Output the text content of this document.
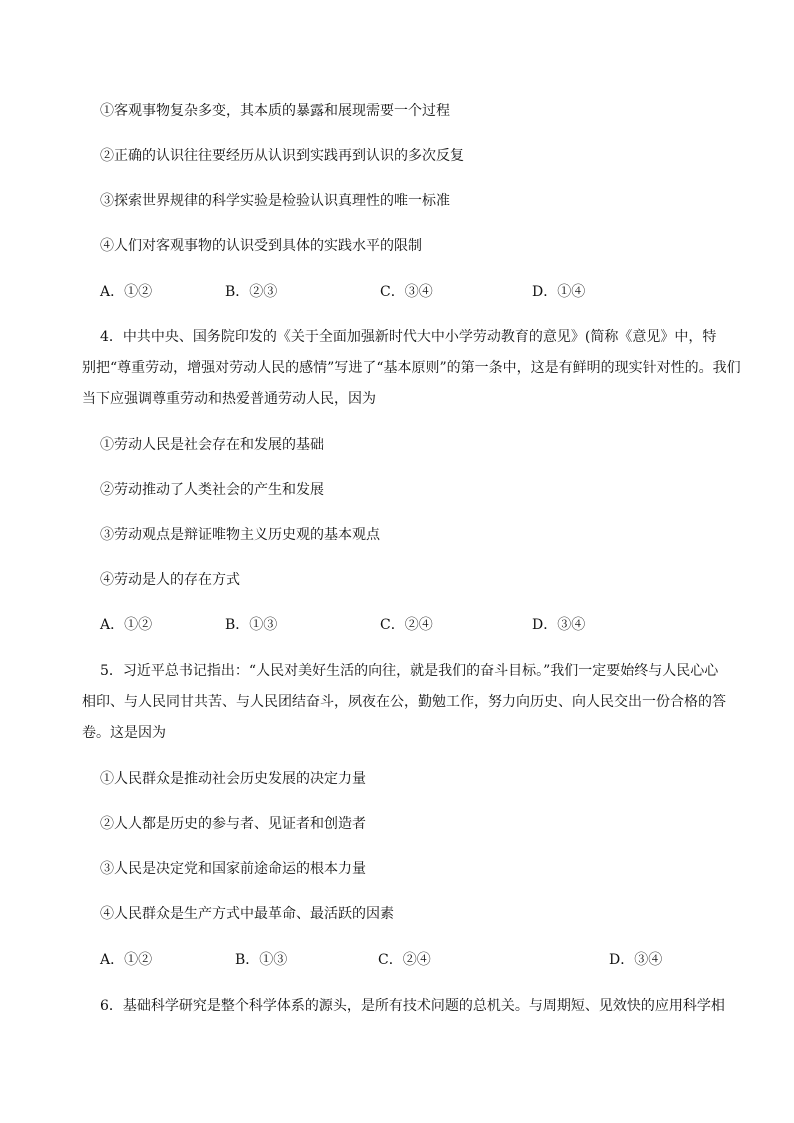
①客观事物复杂多变，其本质的暴露和展现需要一个过程
②正确的认识往往要经历从认识到实践再到认识的多次反复
③探索世界规律的科学实验是检验认识真理性的唯一标准
④人们对客观事物的认识受到具体的实践水平的限制
A．①②	B．②③	C．③④	D．①④
4．中共中央、国务院印发的《关于全面加强新时代大中小学劳动教育的意见》(简称《意见》中，特
别把“尊重劳动，增强对劳动人民的感情”写进了“基本原则”的第一条中，这是有鲜明的现实针对性的。我们
当下应强调尊重劳动和热爱普通劳动人民，因为
①劳动人民是社会存在和发展的基础
②劳动推动了人类社会的产生和发展
③劳动观点是辩证唯物主义历史观的基本观点
④劳动是人的存在方式
A．①②	B．①③	C．②④	D．③④
5．习近平总书记指出：“人民对美好生活的向往，就是我们的奋斗目标。”我们一定要始终与人民心心
相印、与人民同甘共苦、与人民团结奋斗，夙夜在公，勤勉工作，努力向历史、向人民交出一份合格的答
卷。这是因为
①人民群众是推动社会历史发展的决定力量
②人人都是历史的参与者、见证者和创造者
③人民是决定党和国家前途命运的根本力量
④人民群众是生产方式中最革命、最活跃的因素
A．①②	B．①③	C．②④	D．③④
6．基础科学研究是整个科学体系的源头，是所有技术问题的总机关。与周期短、见效快的应用科学相
